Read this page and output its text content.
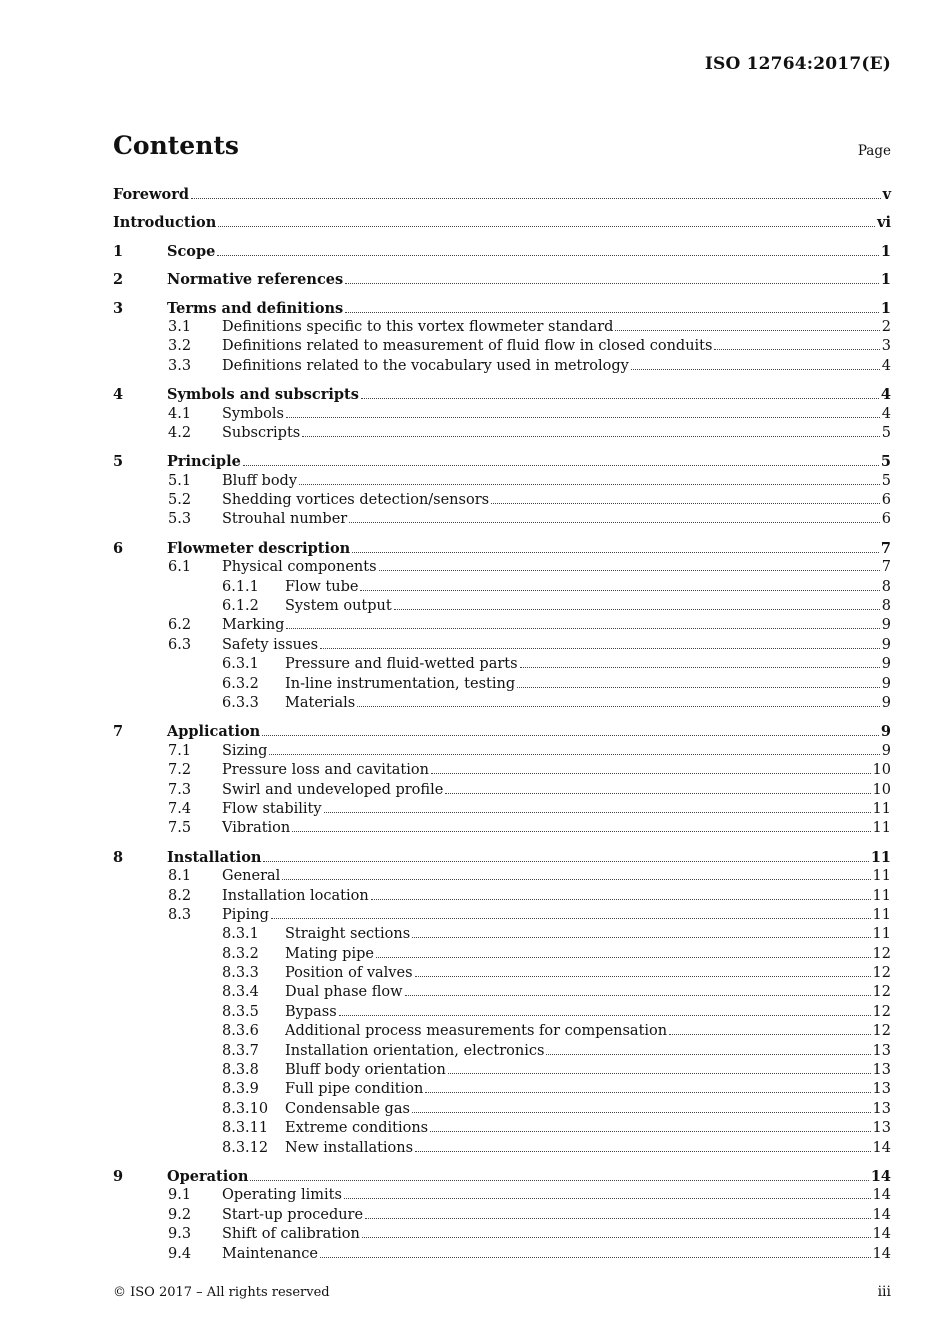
ISO 12764:2017(E)
Contents	Page
Foreword	v
Introduction	vi
1	Scope	1
2	Normative references	1
3	Terms and definitions	1
3.1 Definitions specific to this vortex flowmeter standard	2
3.2 Definitions related to measurement of fluid flow in closed conduits	3
3.3 Definitions related to the vocabulary used in metrology	4
4	Symbols and subscripts	4
4.1 Symbols	4
4.2 Subscripts	5
5	Principle	5
5.1 Bluff body	5
5.2 Shedding vortices detection/sensors	6
5.3 Strouhal number	6
6	Flowmeter description	7
6.1 Physical components	7
6.1.1 Flow tube	8
6.1.2 System output	8
6.2 Marking	9
6.3 Safety issues	9
6.3.1 Pressure and fluid-wetted parts	9
6.3.2 In-line instrumentation, testing	9
6.3.3 Materials	9
7	Application	9
7.1 Sizing	9
7.2 Pressure loss and cavitation	10
7.3 Swirl and undeveloped profile	10
7.4 Flow stability	11
7.5 Vibration	11
8	Installation	11
8.1 General	11
8.2 Installation location	11
8.3 Piping	11
8.3.1 Straight sections	11
8.3.2 Mating pipe	12
8.3.3 Position of valves	12
8.3.4 Dual phase flow	12
8.3.5 Bypass	12
8.3.6 Additional process measurements for compensation	12
8.3.7 Installation orientation, electronics	13
8.3.8 Bluff body orientation	13
8.3.9 Full pipe condition	13
8.3.10 Condensable gas	13
8.3.11 Extreme conditions	13
8.3.12 New installations	14
9	Operation	14
9.1 Operating limits	14
9.2 Start-up procedure	14
9.3 Shift of calibration	14
9.4 Maintenance	14
© ISO 2017 – All rights reserved	iii
